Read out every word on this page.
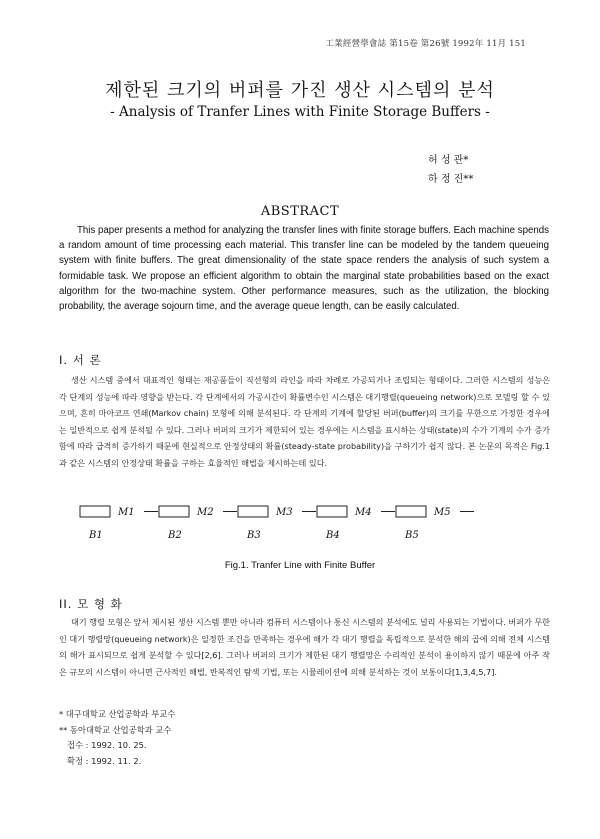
工業經營學會誌 第15卷 第26號 1992年 11月 151
제한된 크기의 버퍼를 가진 생산 시스템의 분석
- Analysis of Tranfer Lines with Finite Storage Buffers -
허 성 관*
하 정 진**
ABSTRACT
This paper presents a method for analyzing the transfer lines with finite storage buffers. Each machine spends a random amount of time processing each material. This transfer line can be modeled by the tandem queueing system with finite buffers. The great dimensionality of the state space renders the analysis of such system a formidable task. We propose an efficient algorithm to obtain the marginal state probabilities based on the exact algorithm for the two-machine system. Other performance measures, such as the utilization, the blocking probability, the average sojourn time, and the average queue length, can be easily calculated.
I. 서 론
생산 시스템 중에서 대표적인 형태는 재공품들이 직선형의 라인을 따라 차례로 가공되거나 조립되는 형태이다. 그러한 시스템의 성능은 각 단계의 성능에 따라 영향을 받는다. 각 단계에서의 가공시간이 확률변수인 시스템은 대기행렬(queueing network)으로 모델링 할 수 있으며, 흔히 마아코프 연쇄(Markov chain) 모형에 의해 분석된다. 각 단계의 기계에 할당된 버퍼(buffer)의 크기를 무한으로 가정한 경우에는 일반적으로 쉽게 분석될 수 있다. 그러나 버퍼의 크기가 제한되어 있는 경우에는 시스템을 표시하는 상태(state)의 수가 기계의 수가 증가함에 따라 급격히 증가하기 때문에 현실적으로 안정상태의 확률(steady-state probability)을 구하기가 쉽지 않다. 본 논문의 목적은 Fig.1과 같은 시스템의 안정상태 확률을 구하는 효율적인 해법을 제시하는데 있다.
M1	M2	M3	M4	M5
B1	B2	B3	B4	B5
Fig.1. Tranfer Line with Finite Buffer
II. 모 형 화
대기 행렬 모형은 앞서 제시된 생산 시스템 뿐만 아니라 컴퓨터 시스템이나 통신 시스템의 분석에도 널리 사용되는 기법이다. 버퍼가 무한인 대기 행렬망(queueing network)은 일정한 조건을 만족하는 경우에 해가 각 대기 행렬을 독립적으로 분석한 해의 곱에 의해 전체 시스템의 해가 표시되므로 쉽게 분석할 수 있다[2,6]. 그러나 버퍼의 크기가 제한된 대기 행렬망은 수리적인 분석이 용이하지 않기 때문에 아주 작은 규모의 시스템이 아니면 근사적인 해법, 반복적인 탐색 기법, 또는 시뮬레이션에 의해 분석하는 것이 보통이다[1,3,4,5,7].
* 대구대학교 산업공학과 부교수
** 동아대학교 산업공학과 교수
접수 : 1992. 10. 25.
확정 : 1992. 11. 2.
